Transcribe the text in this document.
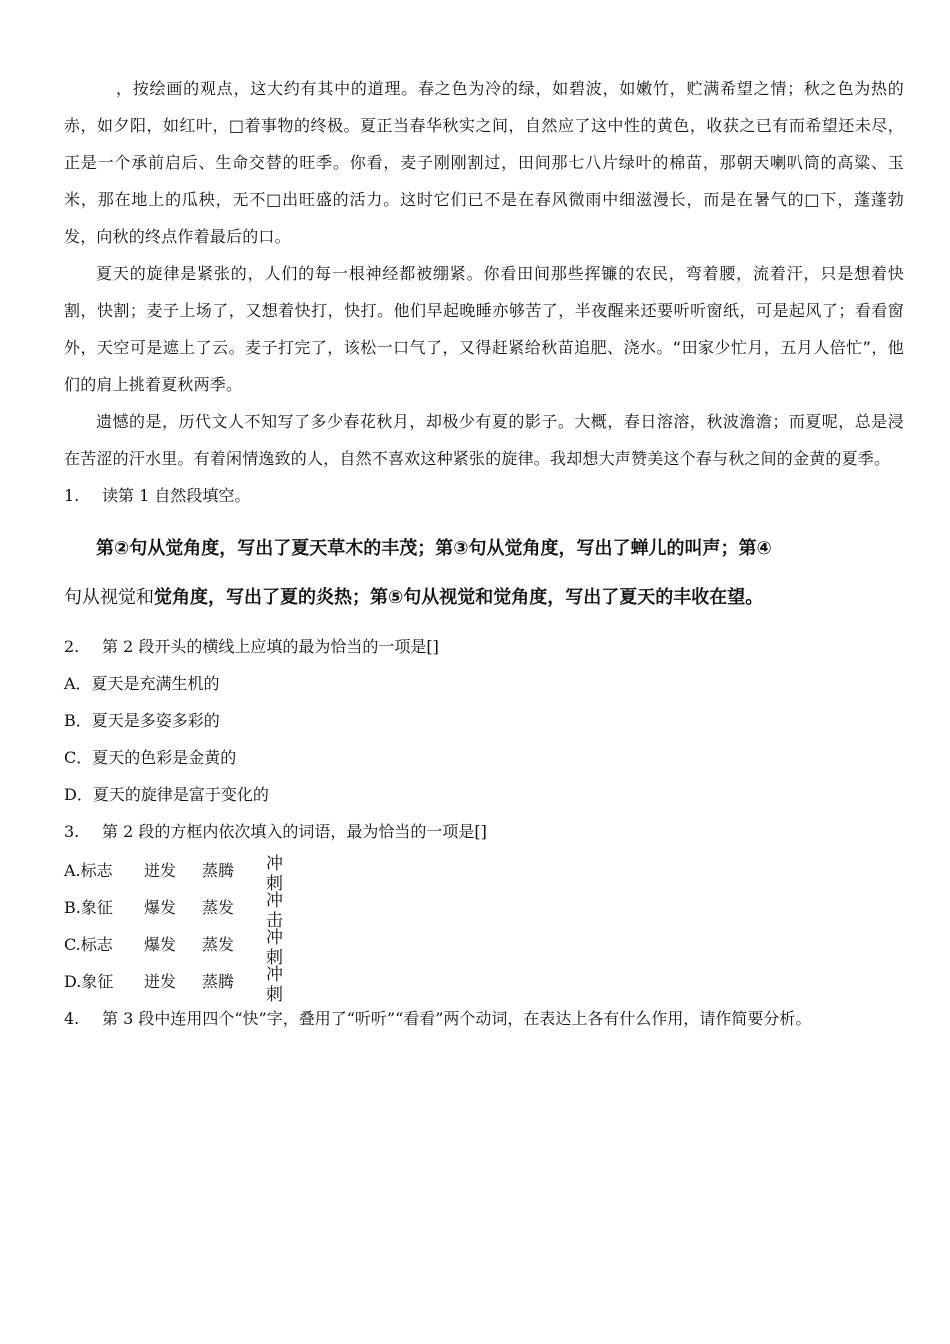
，按绘画的观点，这大约有其中的道理。春之色为冷的绿，如碧波，如嫩竹，贮满希望之情；秋之色为热的赤，如夕阳，如红叶，□着事物的终极。夏正当春华秋实之间，自然应了这中性的黄色，收获之已有而希望还未尽，正是一个承前启后、生命交替的旺季。你看，麦子刚刚割过，田间那七八片绿叶的棉苗，那朝天喇叭筒的高粱、玉米，那在地上的瓜秧，无不□出旺盛的活力。这时它们已不是在春风微雨中细滋漫长，而是在暑气的□下，蓬蓬勃发，向秋的终点作着最后的口。

夏天的旋律是紧张的，人们的每一根神经都被绷紧。你看田间那些挥镰的农民，弯着腰，流着汗，只是想着快割，快割；麦子上场了，又想着快打，快打。他们早起晚睡亦够苦了，半夜醒来还要听听窗纸，可是起风了；看看窗外，天空可是遮上了云。麦子打完了，该松一口气了，又得赶紧给秋苗追肥、浇水。“田家少忙月，五月人倍忙”，他们的肩上挑着夏秋两季。

遗憾的是，历代文人不知写了多少春花秋月，却极少有夏的影子。大概，春日溶溶，秋波澹澹；而夏呢，总是浸在苦涩的汗水里。有着闲情逸致的人，自然不喜欢这种紧张的旋律。我却想大声赞美这个春与秋之间的金黄的夏季。

1. 读第 1 自然段填空。

第②句从觉角度，写出了夏天草木的丰茂；第③句从觉角度，写出了蝉儿的叫声；第④句从视觉和觉角度，写出了夏的炎热；第⑤句从视觉和觉角度，写出了夏天的丰收在望。

2. 第 2 段开头的横线上应填的最为恰当的一项是[]

A．夏天是充满生机的

B．夏天是多姿多彩的

C．夏天的色彩是金黄的

D．夏天的旋律是富于变化的

3. 第 2 段的方框内依次填入的词语，最为恰当的一项是[]

A.标志 迸发 蒸腾 冲刺
B.象征 爆发 蒸发 冲击
C.标志 爆发 蒸发 冲刺
D.象征 迸发 蒸腾 冲刺

4. 第 3 段中连用四个“快”字，叠用了“听听”“看看”两个动词，在表达上各有什么作用，请作简要分析。
